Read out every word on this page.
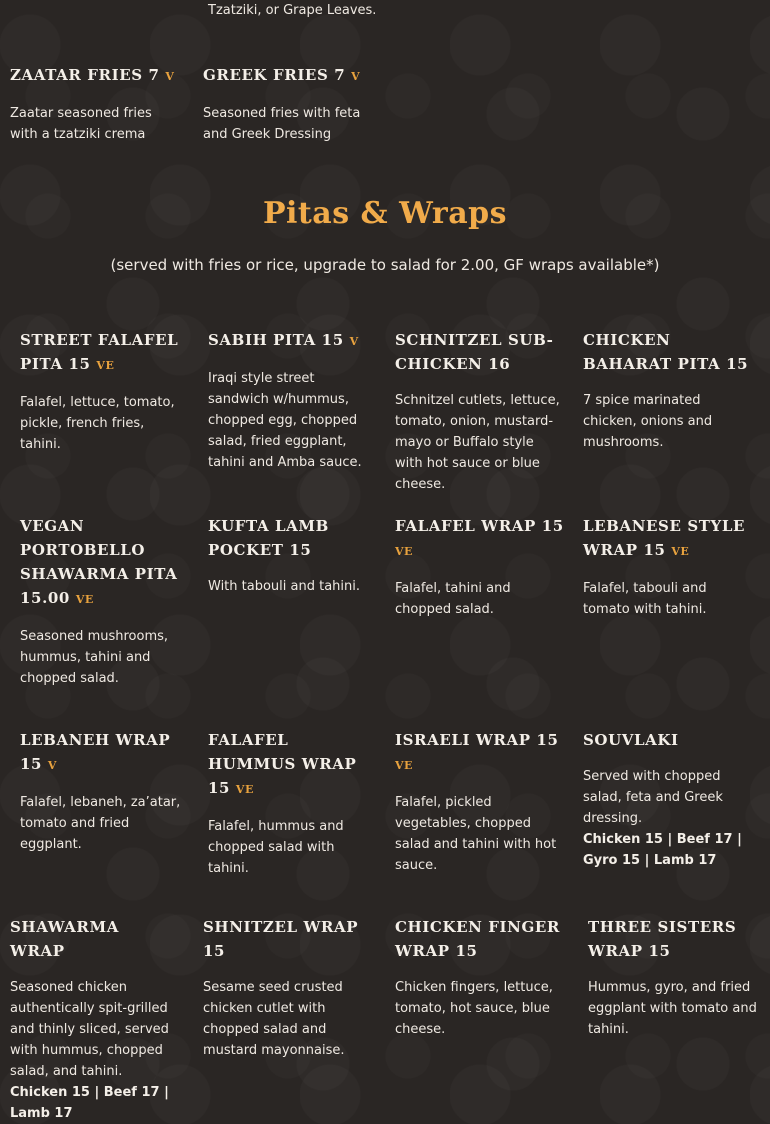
Tzatziki, or Grape Leaves.
ZAATAR FRIES 7 V

Zaatar seasoned fries with a tzatziki crema

GREEK FRIES 7 V

Seasoned fries with feta and Greek Dressing

Pitas & Wraps

(served with fries or rice, upgrade to salad for 2.00, GF wraps available*)

STREET FALAFEL PITA 15 VE

Falafel, lettuce, tomato, pickle, french fries, tahini.

SABIH PITA 15 V

Iraqi style street sandwich w/hummus, chopped egg, chopped salad, fried eggplant, tahini and Amba sauce.

SCHNITZEL SUB- CHICKEN 16

Schnitzel cutlets, lettuce, tomato, onion, mustard-mayo or Buffalo style with hot sauce or blue cheese.

CHICKEN BAHARAT PITA 15

7 spice marinated chicken, onions and mushrooms.

VEGAN PORTOBELLO SHAWARMA PITA 15.00 VE

Seasoned mushrooms, hummus, tahini and chopped salad.

KUFTA LAMB POCKET 15

With tabouli and tahini.

FALAFEL WRAP 15 VE

Falafel, tahini and chopped salad.

LEBANESE STYLE WRAP 15 VE

Falafel, tabouli and tomato with tahini.

LEBANEH WRAP 15 V

Falafel, lebaneh, za’atar, tomato and fried eggplant.

FALAFEL HUMMUS WRAP 15 VE

Falafel, hummus and chopped salad with tahini.

ISRAELI WRAP 15 VE

Falafel, pickled vegetables, chopped salad and tahini with hot sauce.

SOUVLAKI

Served with chopped salad, feta and Greek dressing.

Chicken 15 | Beef 17 | Gyro 15 | Lamb 17

SHAWARMA WRAP

Seasoned chicken authentically spit-grilled and thinly sliced, served with hummus, chopped salad, and tahini.

Chicken 15 | Beef 17 | Lamb 17

SHNITZEL WRAP 15

Sesame seed crusted chicken cutlet with chopped salad and mustard mayonnaise.

CHICKEN FINGER WRAP 15

Chicken fingers, lettuce, tomato, hot sauce, blue cheese.

THREE SISTERS WRAP 15

Hummus, gyro, and fried eggplant with tomato and tahini.
